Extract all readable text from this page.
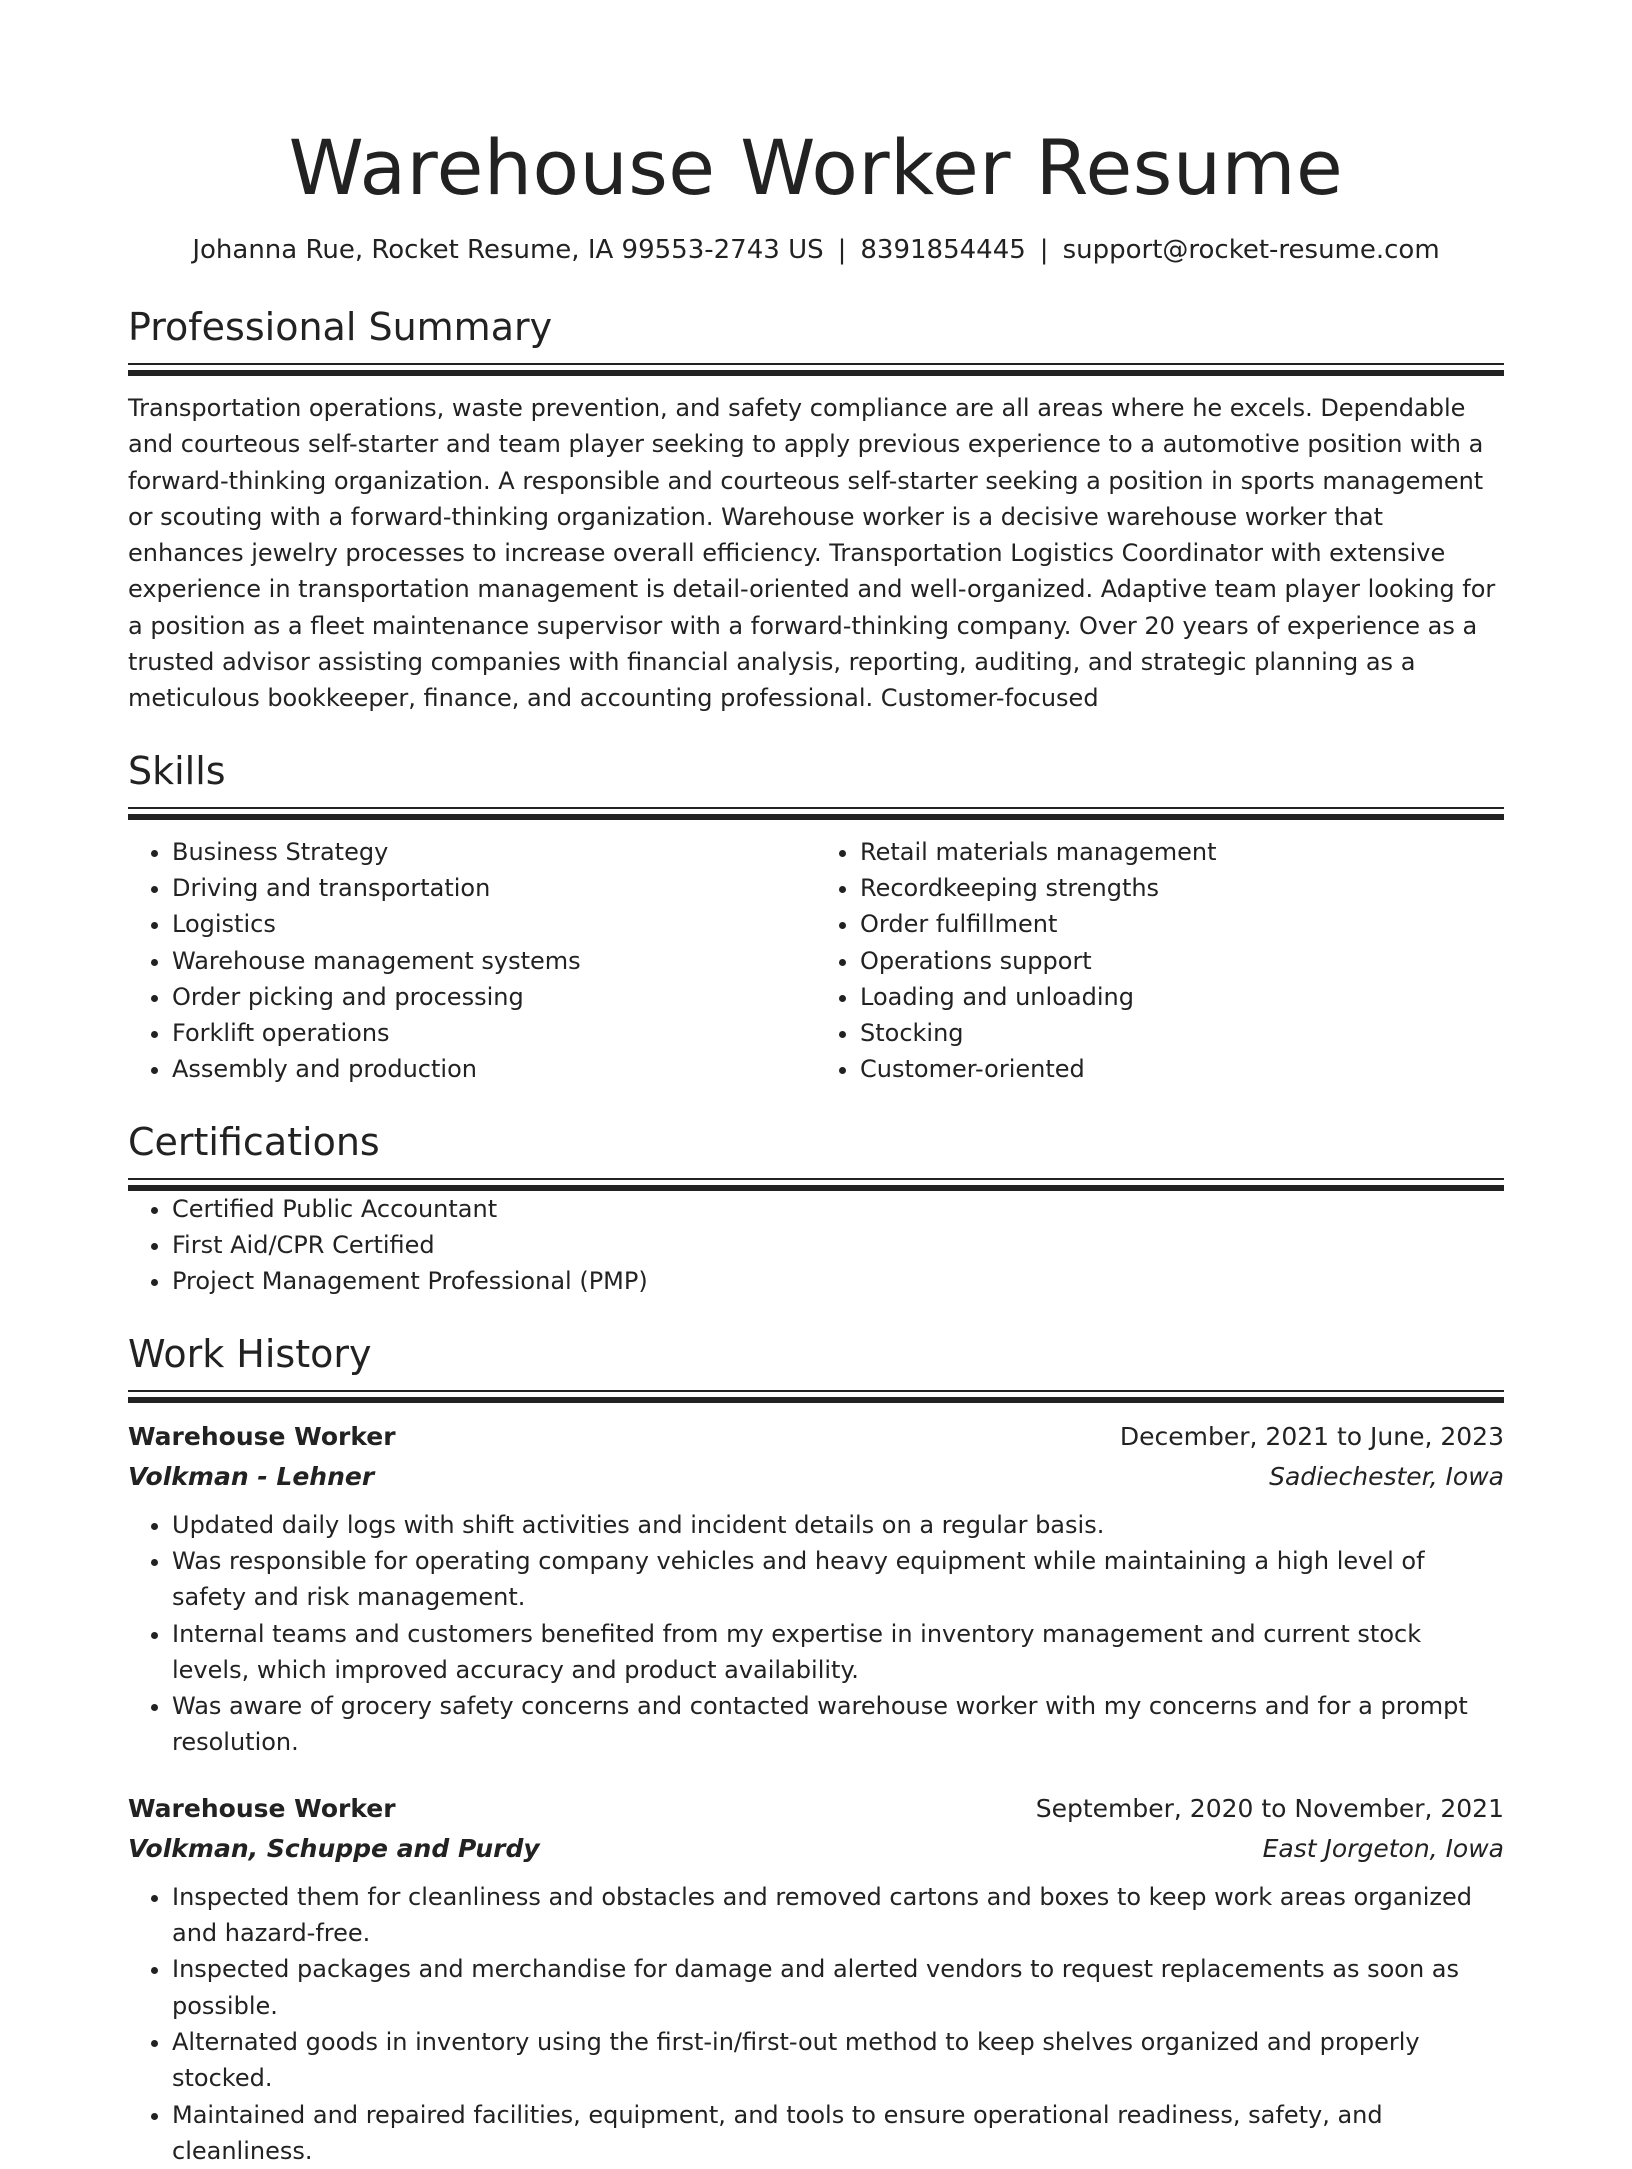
Warehouse Worker Resume
Johanna Rue, Rocket Resume, IA 99553-2743 US | 8391854445 | support@rocket-resume.com
Professional Summary
Transportation operations, waste prevention, and safety compliance are all areas where he excels. Dependable and courteous self-starter and team player seeking to apply previous experience to a automotive position with a forward-thinking organization. A responsible and courteous self-starter seeking a position in sports management or scouting with a forward-thinking organization. Warehouse worker is a decisive warehouse worker that enhances jewelry processes to increase overall efficiency. Transportation Logistics Coordinator with extensive experience in transportation management is detail-oriented and well-organized. Adaptive team player looking for a position as a fleet maintenance supervisor with a forward-thinking company. Over 20 years of experience as a trusted advisor assisting companies with financial analysis, reporting, auditing, and strategic planning as a meticulous bookkeeper, finance, and accounting professional. Customer-focused
Skills
• Business Strategy
• Driving and transportation
• Logistics
• Warehouse management systems
• Order picking and processing
• Forklift operations
• Assembly and production
• Retail materials management
• Recordkeeping strengths
• Order fulfillment
• Operations support
• Loading and unloading
• Stocking
• Customer-oriented
Certifications
• Certified Public Accountant
• First Aid/CPR Certified
• Project Management Professional (PMP)
Work History
Warehouse Worker	December, 2021 to June, 2023
Volkman - Lehner	Sadiechester, Iowa
• Updated daily logs with shift activities and incident details on a regular basis.
• Was responsible for operating company vehicles and heavy equipment while maintaining a high level of safety and risk management.
• Internal teams and customers benefited from my expertise in inventory management and current stock levels, which improved accuracy and product availability.
• Was aware of grocery safety concerns and contacted warehouse worker with my concerns and for a prompt resolution.
Warehouse Worker	September, 2020 to November, 2021
Volkman, Schuppe and Purdy	East Jorgeton, Iowa
• Inspected them for cleanliness and obstacles and removed cartons and boxes to keep work areas organized and hazard-free.
• Inspected packages and merchandise for damage and alerted vendors to request replacements as soon as possible.
• Alternated goods in inventory using the first-in/first-out method to keep shelves organized and properly stocked.
• Maintained and repaired facilities, equipment, and tools to ensure operational readiness, safety, and cleanliness.
